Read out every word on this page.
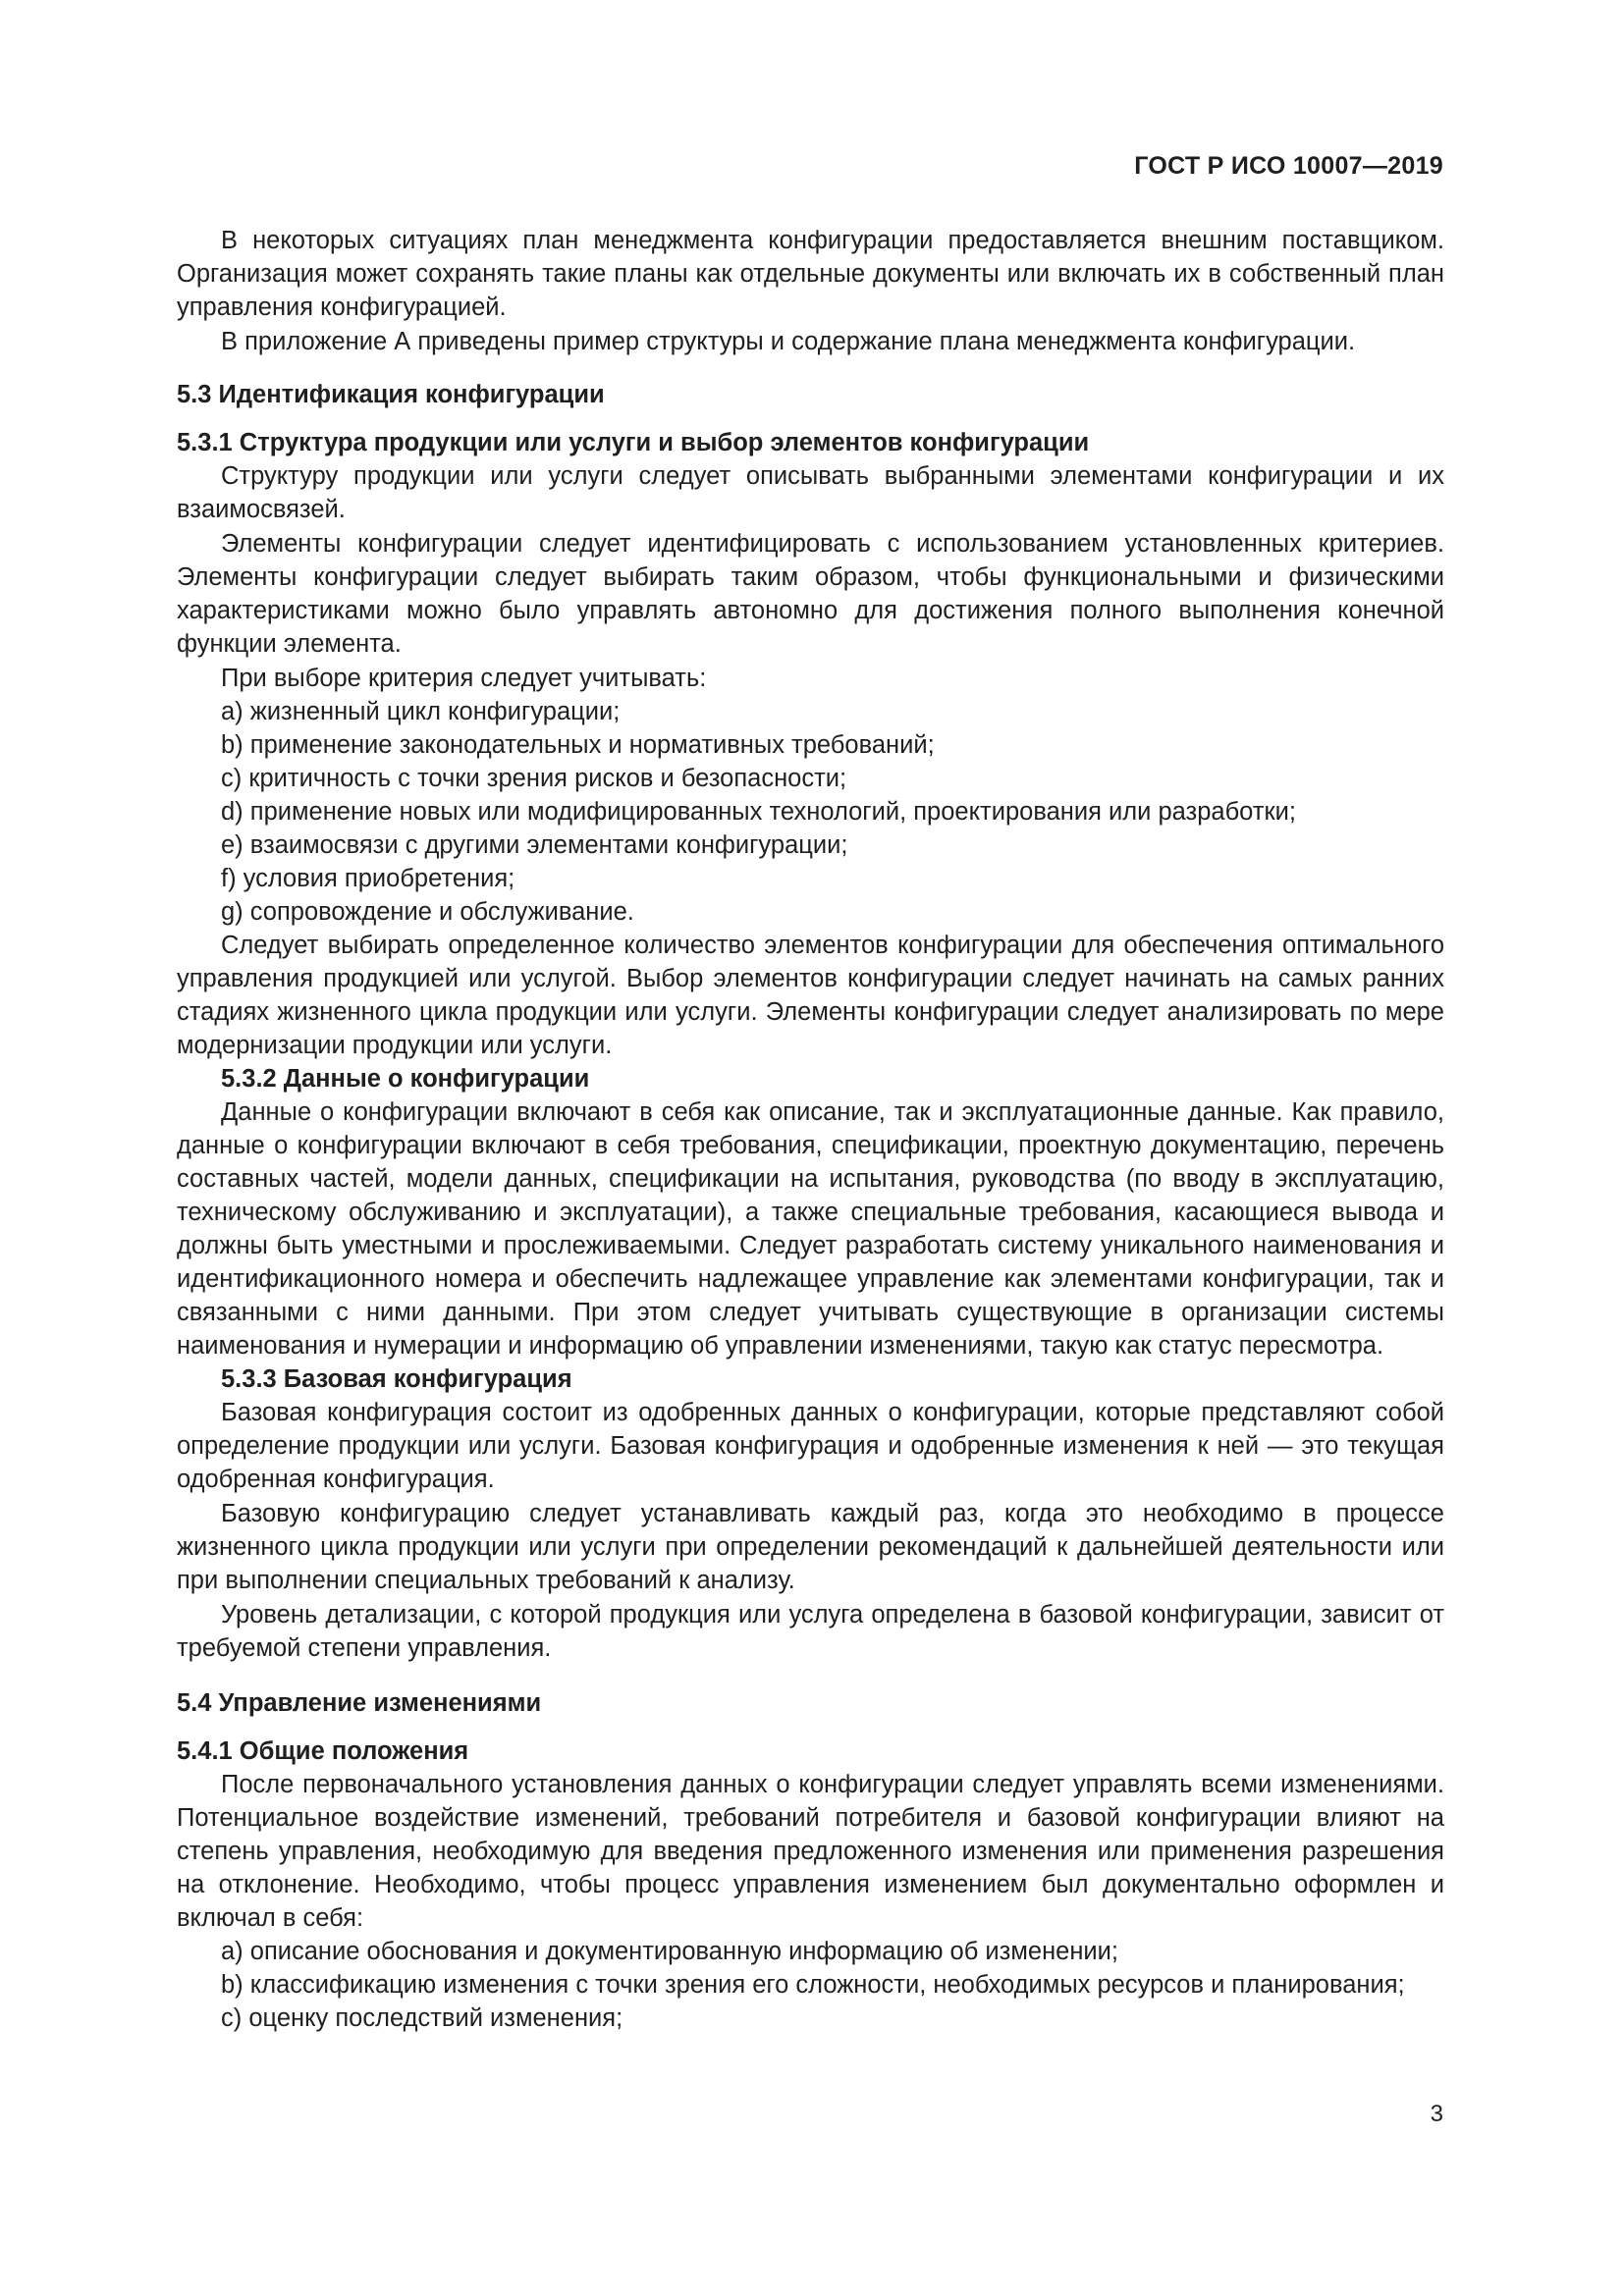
ГОСТ Р ИСО 10007—2019

В некоторых ситуациях план менеджмента конфигурации предоставляется внешним поставщиком. Организация может сохранять такие планы как отдельные документы или включать их в собственный план управления конфигурацией.

В приложение А приведены пример структуры и содержание плана менеджмента конфигурации.

5.3 Идентификация конфигурации

5.3.1 Структура продукции или услуги и выбор элементов конфигурации

Структуру продукции или услуги следует описывать выбранными элементами конфигурации и их взаимосвязей.

Элементы конфигурации следует идентифицировать с использованием установленных критериев. Элементы конфигурации следует выбирать таким образом, чтобы функциональными и физическими характеристиками можно было управлять автономно для достижения полного выполнения конечной функции элемента.

При выборе критерия следует учитывать:

a) жизненный цикл конфигурации;

b) применение законодательных и нормативных требований;

c) критичность с точки зрения рисков и безопасности;

d) применение новых или модифицированных технологий, проектирования или разработки;

e) взаимосвязи с другими элементами конфигурации;

f) условия приобретения;

g) сопровождение и обслуживание.

Следует выбирать определенное количество элементов конфигурации для обеспечения оптимального управления продукцией или услугой. Выбор элементов конфигурации следует начинать на самых ранних стадиях жизненного цикла продукции или услуги. Элементы конфигурации следует анализировать по мере модернизации продукции или услуги.

5.3.2 Данные о конфигурации

Данные о конфигурации включают в себя как описание, так и эксплуатационные данные. Как правило, данные о конфигурации включают в себя требования, спецификации, проектную документацию, перечень составных частей, модели данных, спецификации на испытания, руководства (по вводу в эксплуатацию, техническому обслуживанию и эксплуатации), а также специальные требования, касающиеся вывода и должны быть уместными и прослеживаемыми. Следует разработать систему уникального наименования и идентификационного номера и обеспечить надлежащее управление как элементами конфигурации, так и связанными с ними данными. При этом следует учитывать существующие в организации системы наименования и нумерации и информацию об управлении изменениями, такую как статус пересмотра.

5.3.3 Базовая конфигурация

Базовая конфигурация состоит из одобренных данных о конфигурации, которые представляют собой определение продукции или услуги. Базовая конфигурация и одобренные изменения к ней — это текущая одобренная конфигурация.

Базовую конфигурацию следует устанавливать каждый раз, когда это необходимо в процессе жизненного цикла продукции или услуги при определении рекомендаций к дальнейшей деятельности или при выполнении специальных требований к анализу.

Уровень детализации, с которой продукция или услуга определена в базовой конфигурации, зависит от требуемой степени управления.

5.4 Управление изменениями

5.4.1 Общие положения

После первоначального установления данных о конфигурации следует управлять всеми изменениями. Потенциальное воздействие изменений, требований потребителя и базовой конфигурации влияют на степень управления, необходимую для введения предложенного изменения или применения разрешения на отклонение. Необходимо, чтобы процесс управления изменением был документально оформлен и включал в себя:

a) описание обоснования и документированную информацию об изменении;

b) классификацию изменения с точки зрения его сложности, необходимых ресурсов и планирования;

c) оценку последствий изменения;

3
